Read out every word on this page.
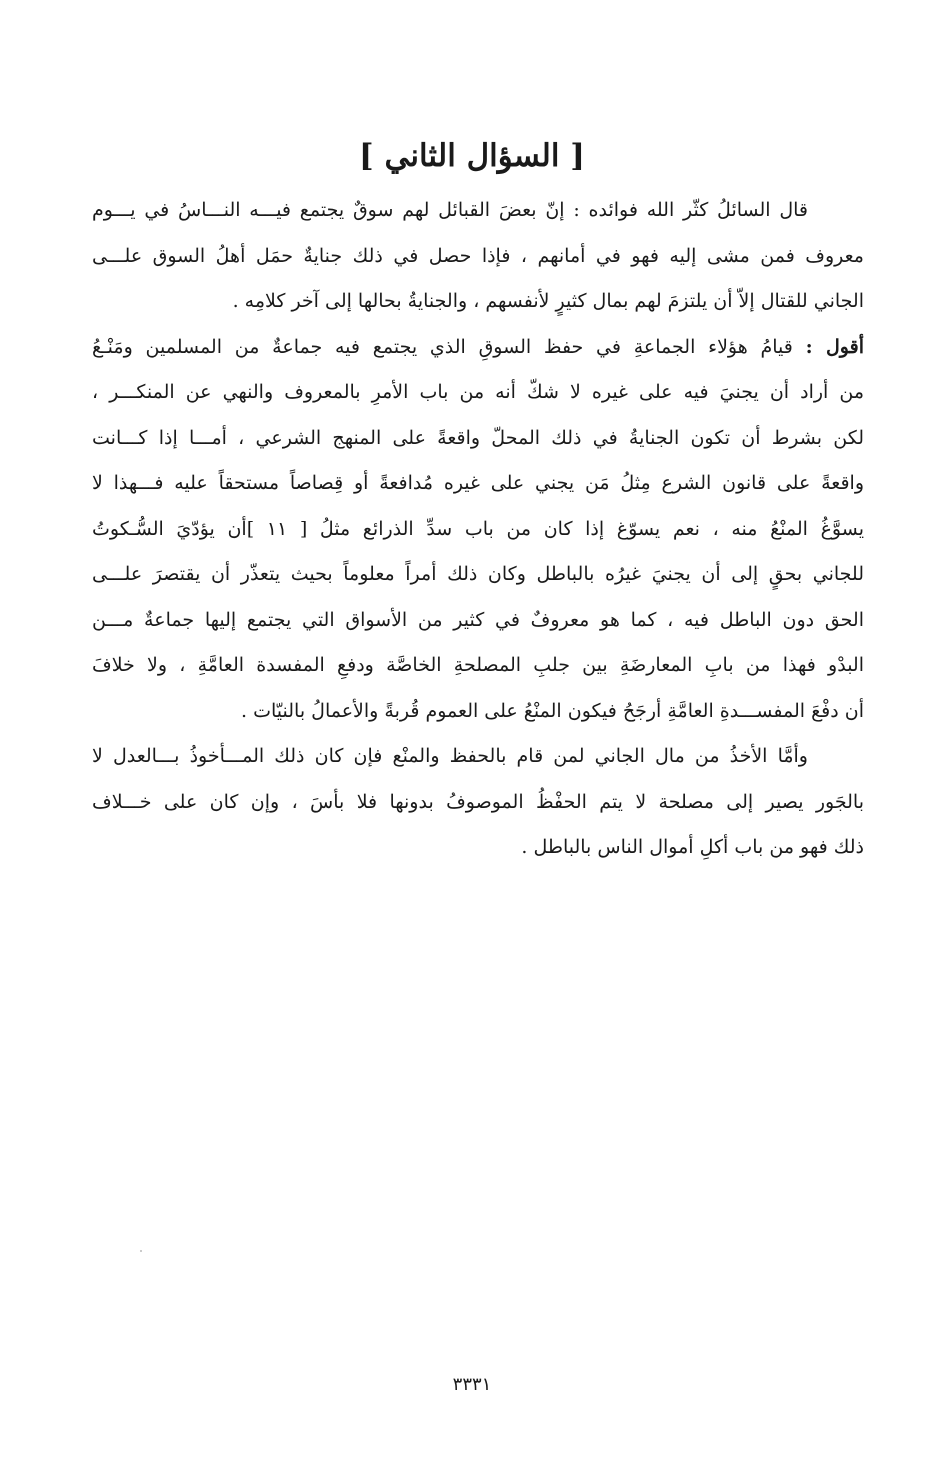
[ السؤال الثاني ]
قال السائلُ كثّر الله فوائده : إنّ بعضَ القبائل لهم سوقٌ يجتمع فيـــه النـــاسُ في يـــوم
معروف فمن مشى إليه فهو في أمانهم ، فإذا حصل في ذلك جنايةٌ حمَل أهلُ السوق علـــى
الجاني للقتال إلاّ أن يلتزمَ لهم بمال كثيرٍ لأنفسهم ، والجنايةُ بحالها إلى آخر كلامِه .
أقول : قيامُ هؤلاء الجماعةِ في حفظ السوقِ الذي يجتمع فيه جماعةٌ من المسلمين ومَنْـعُ
من أراد أن يجنيَ فيه على غيره لا شكّ أنه من باب الأمرِ بالمعروف والنهي عن المنكـــر ،
لكن بشرط أن تكون الجنايةُ في ذلك المحلّ واقعةً على المنهج الشرعي ، أمـــا إذا كـــانت
واقعةً على قانون الشرع مِثلُ مَن يجني على غيره مُدافعةً أو قِصاصاً مستحقاً عليه فـــهذا لا
يسوَّغُ المنْعُ منه ، نعم يسوّغ إذا كان من باب سدِّ الذرائع مثلُ [ ١١ ]أن يؤدّيَ السُّـكوتُ
للجاني بحقٍ إلى أن يجنيَ غيرُه بالباطل وكان ذلك أمراً معلوماً بحيث يتعذّر أن يقتصرَ علـــى
الحق دون الباطل فيه ، كما هو معروفٌ في كثير من الأسواق التي يجتمع إليها جماعةٌ مـــن
البدْو فهذا من بابِ المعارضَةِ بين جلبِ المصلحةِ الخاصَّة ودفعِ المفسدة العامَّةِ ، ولا خلافَ
أن دفْعَ المفســـدةِ العامَّةِ أرجَحُ فيكون المنْعُ على العموم قُربةً والأعمالُ بالنيّات .
وأمَّا الأخذُ من مال الجاني لمن قام بالحفظ والمنْع فإن كان ذلك المـــأخوذُ بـــالعدل لا
بالجَور يصير إلى مصلحة لا يتم الحفْظُ الموصوفُ بدونها فلا بأسَ ، وإن كان على خـــلاف
ذلك فهو من باب أكلِ أموال الناس بالباطل .
٣٣٣١
